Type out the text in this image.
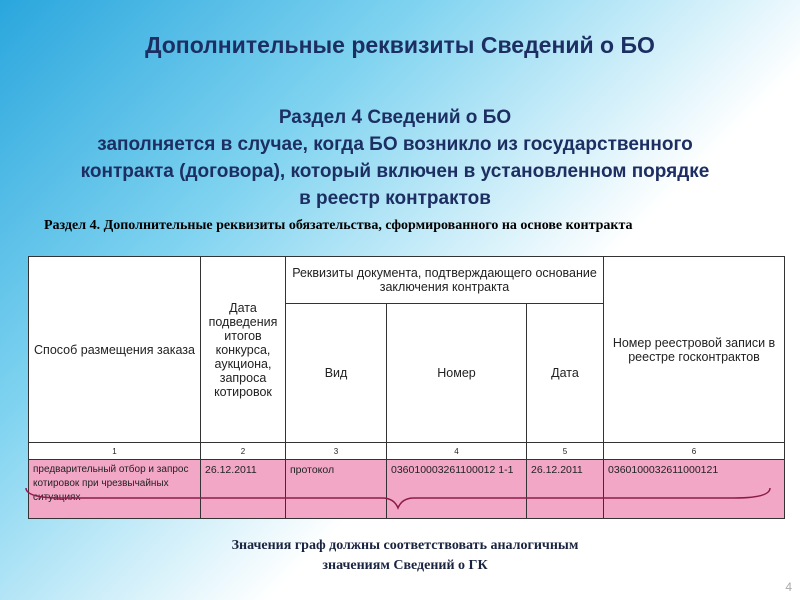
Дополнительные реквизиты Сведений о БО
Раздел 4 Сведений о БО
заполняется в случае, когда БО возникло из государственного
контракта (договора), который включен в установленном порядке
в реестр контрактов
Раздел 4. Дополнительные реквизиты обязательства, сформированного на основе контракта
Способ размещения заказа	Дата подведения итогов конкурса, аукциона, запроса котировок	Реквизиты документа, подтверждающего основание заключения контракта			Номер реестровой записи в реестре госконтрактов
		Вид	Номер	Дата	
1	2	3	4	5	6
предварительный отбор и запрос котировок при чрезвычайных ситуациях	26.12.2011	протокол	036010003261100012 1-1	26.12.2011	0360100032611000121
Значения граф должны соответствовать аналогичным
значениям Сведений о ГК
4
